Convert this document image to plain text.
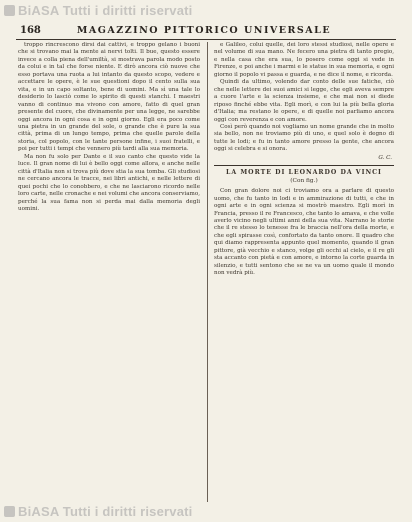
BiASA Tutti i diritti riservati
168	MAGAZZINO PITTORICO UNIVERSALE

troppo rincrescono dirsi dai cattivi, e troppo gelano i buoni che si trovano mai la mente ai nervi tolti. Il bue, questo essere invece a colla piena dell'umiltà, si mostrava parola modo posto da colui e in tal che forse niente. E dirò ancora ciò nuove che esso portava una ruota a lui intanto da questo scopo, vedere e accettare le opere, è le sue questioni dopo il cento sulla sua vita, e in un capo soltanto, bene di uomini. Ma sì una tale lo desiderio lo lasciò come lo spirito di questi stanchi. I maestri vanno di continuo ma vivono con amore, fatto di quel gran presente del cuore, che divinamente per una legge, ne sarebbe oggi ancora in ogni cosa e in ogni giorno. Egli era poco come una pietra in un grande del sole, o grande che è pure la sua città, prima di un lungo tempo, prima che quelle parole della storia, col popolo, con le tante persone infine, i suoi fratelli, e poi per tutti i tempi che vennero più tardi alla sua memoria.

Ma non fu solo per Dante e il suo canto che questo vide la luce. Il gran nome di lui è bello oggi come allora, e anche nelle città d'Italia non si trova più dove stia la sua tomba. Gli studiosi ne cercano ancora le tracce, nei libri antichi, e nelle lettere di quei pochi che lo conobbero, e che ne lasciarono ricordo nelle loro carte, nelle cronache e nei volumi che ancora conserviamo, perché la sua fama non si perda mai dalla memoria degli uomini.

e Galileo, colui quelle, dei loro stessi studiosi, nelle opere e nel volume di sua mano. Ne fecero una pietra di tanto pregio, e nella casa che era sua, lo posero come oggi si vede in Firenze, e poi anche i marmi e le statue in sua memoria, e ogni giorno il popolo vi passa e guarda, e ne dice il nome, e ricorda.

Quindi da ultimo, volendo dar conto delle sue fatiche, ciò che nelle lettere dei suoi amici si legge, che egli aveva sempre a cuore l'arte e la scienza insieme, e che mai non si diede riposo finché ebbe vita. Egli morì, e con lui la più bella gloria d'Italia; ma restano le opere, e di quelle noi parliamo ancora oggi con reverenza e con amore.

Così però quando noi vogliamo un nome grande che in molto sia bello, non ne troviamo più di uno, e quel solo è degno di tutte le lodi; e fu in tanto amore presso la gente, che ancora oggi si celebra e si onora.

G. C.
LA MORTE DI LEONARDO DA VINCI
(Con fig.)

Con gran dolore noi ci troviamo ora a parlare di questo uomo, che fu tanto in lodi e in ammirazione di tutti, e che in ogni arte e in ogni scienza si mostrò maestro. Egli morì in Francia, presso il re Francesco, che tanto lo amava, e che volle averlo vicino negli ultimi anni della sua vita. Narrano le storie che il re stesso lo tenesse fra le braccia nell'ora della morte, e che egli spirasse così, confortato da tanto onore. Il quadro che qui diamo rappresenta appunto quel momento, quando il gran pittore, già vecchio e stanco, volge gli occhi al cielo, e il re gli sta accanto con pietà e con amore, e intorno la corte guarda in silenzio, e tutti sentono che se ne va un uomo quale il mondo non vedrà più.

BiASA Tutti i diritti riservati
